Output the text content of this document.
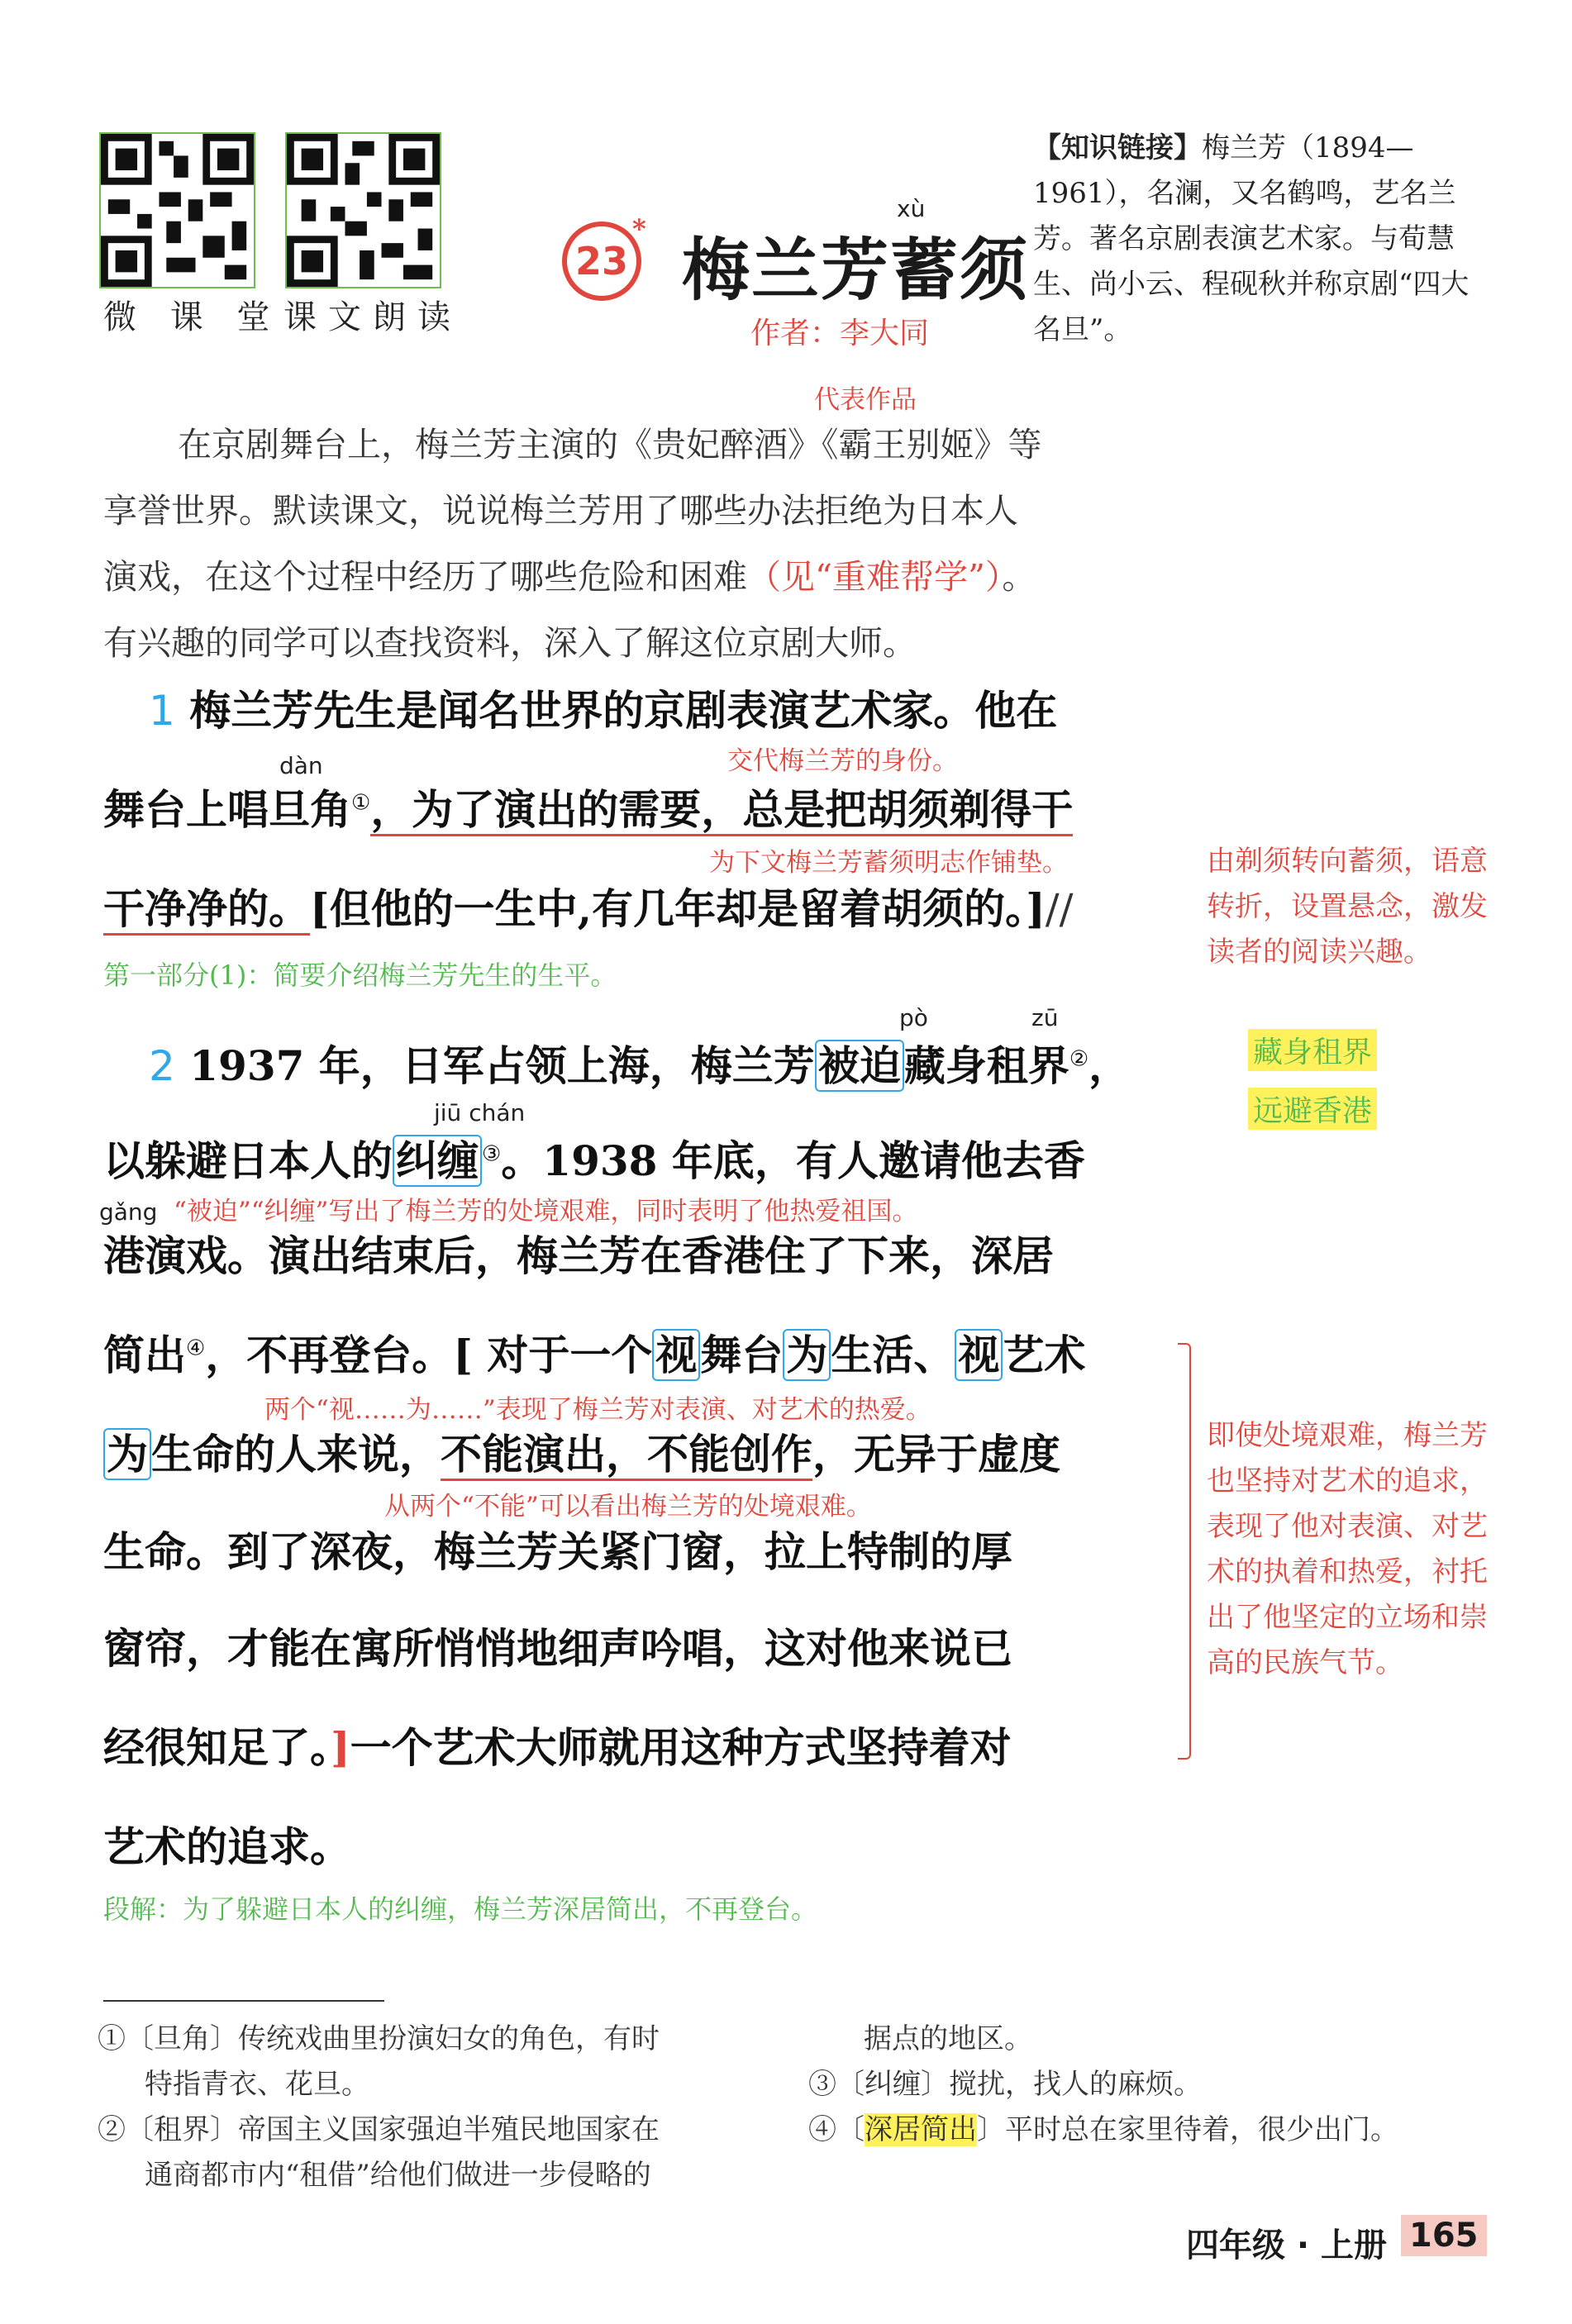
微 课 堂 课文朗读
23
*
xù
梅兰芳蓄须
作者：李大同
【知识链接】梅兰芳（1894—1961），名澜，又名鹤鸣，艺名兰芳。著名京剧表演艺术家。与荀慧生、尚小云、程砚秋并称京剧“四大名旦”。
代表作品
在京剧舞台上，梅兰芳主演的《贵妃醉酒》《霸王别姬》等
享誉世界。默读课文，说说梅兰芳用了哪些办法拒绝为日本人
演戏，在这个过程中经历了哪些危险和困难（见“重难帮学”）。
有兴趣的同学可以查找资料，深入了解这位京剧大师。
1 梅兰芳先生是闻名世界的京剧表演艺术家。他在
交代梅兰芳的身份。
dàn
舞台上唱旦角①，为了演出的需要，总是把胡须剃得干
为下文梅兰芳蓄须明志作铺垫。
干净净的。[但他的一生中,有几年却是留着胡须的。]//
第一部分(1)：简要介绍梅兰芳先生的生平。
由剃须转向蓄须，语意转折，设置悬念，激发读者的阅读兴趣。
藏身租界
远避香港
pò	zū
2 1937 年，日军占领上海，梅兰芳被迫藏身租界②，
jiū chán
以躲避日本人的纠缠 ③。1938 年底，有人邀请他去香
gǎng “被迫”“纠缠”写出了梅兰芳的处境艰难，同时表明了他热爱祖国。
港演戏。演出结束后，梅兰芳在香港住了下来，深居
简出④，不再登台。[ 对于一个视舞台为生活、视艺术
两个“视……为……”表现了梅兰芳对表演、对艺术的热爱。
为生命的人来说，不能演出，不能创作，无异于虚度
从两个“不能”可以看出梅兰芳的处境艰难。
生命。到了深夜，梅兰芳关紧门窗，拉上特制的厚
窗帘，才能在寓所悄悄地细声吟唱，这对他来说已
经很知足了。]一个艺术大师就用这种方式坚持着对
艺术的追求。
段解：为了躲避日本人的纠缠，梅兰芳深居简出，不再登台。
即使处境艰难，梅兰芳也坚持对艺术的追求，表现了他对表演、对艺术的执着和热爱，衬托出了他坚定的立场和崇高的民族气节。
①〔旦角〕传统戏曲里扮演妇女的角色，有时
特指青衣、花旦。
②〔租界〕帝国主义国家强迫半殖民地国家在
通商都市内“租借”给他们做进一步侵略的
据点的地区。
③〔纠缠〕搅扰，找人的麻烦。
④〔深居简出〕平时总在家里待着，很少出门。
四年级 · 上册 165
